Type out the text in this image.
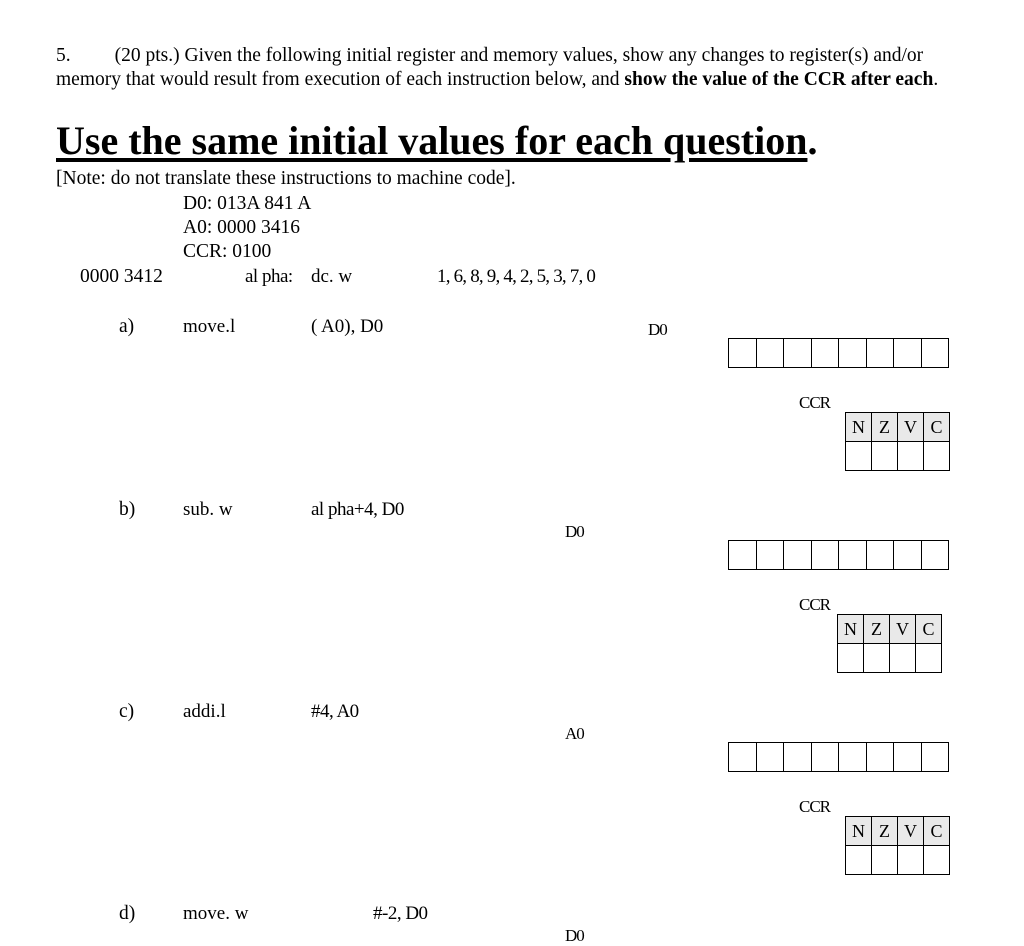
5. (20 pts.) Given the following initial register and memory values, show any changes to register(s) and/or memory that would result from execution of each instruction below, and show the value of the CCR after each.
Use the same initial values for each question.
[Note: do not translate these instructions to machine code].
D0: 013A 841 A
A0: 0000 3416
CCR: 0100
0000 3412	al pha: dc. w	1, 6, 8, 9, 4, 2, 5, 3, 7, 0
a)	move.l	( A0), D0	D0
CCR
N	Z	V	C

b)	sub. w	al pha+4, D0
D0
CCR
N	Z	V	C

c)	addi.l	#4, A0
A0
CCR
N	Z	V	C

d)	move. w	#-2, D0
D0
